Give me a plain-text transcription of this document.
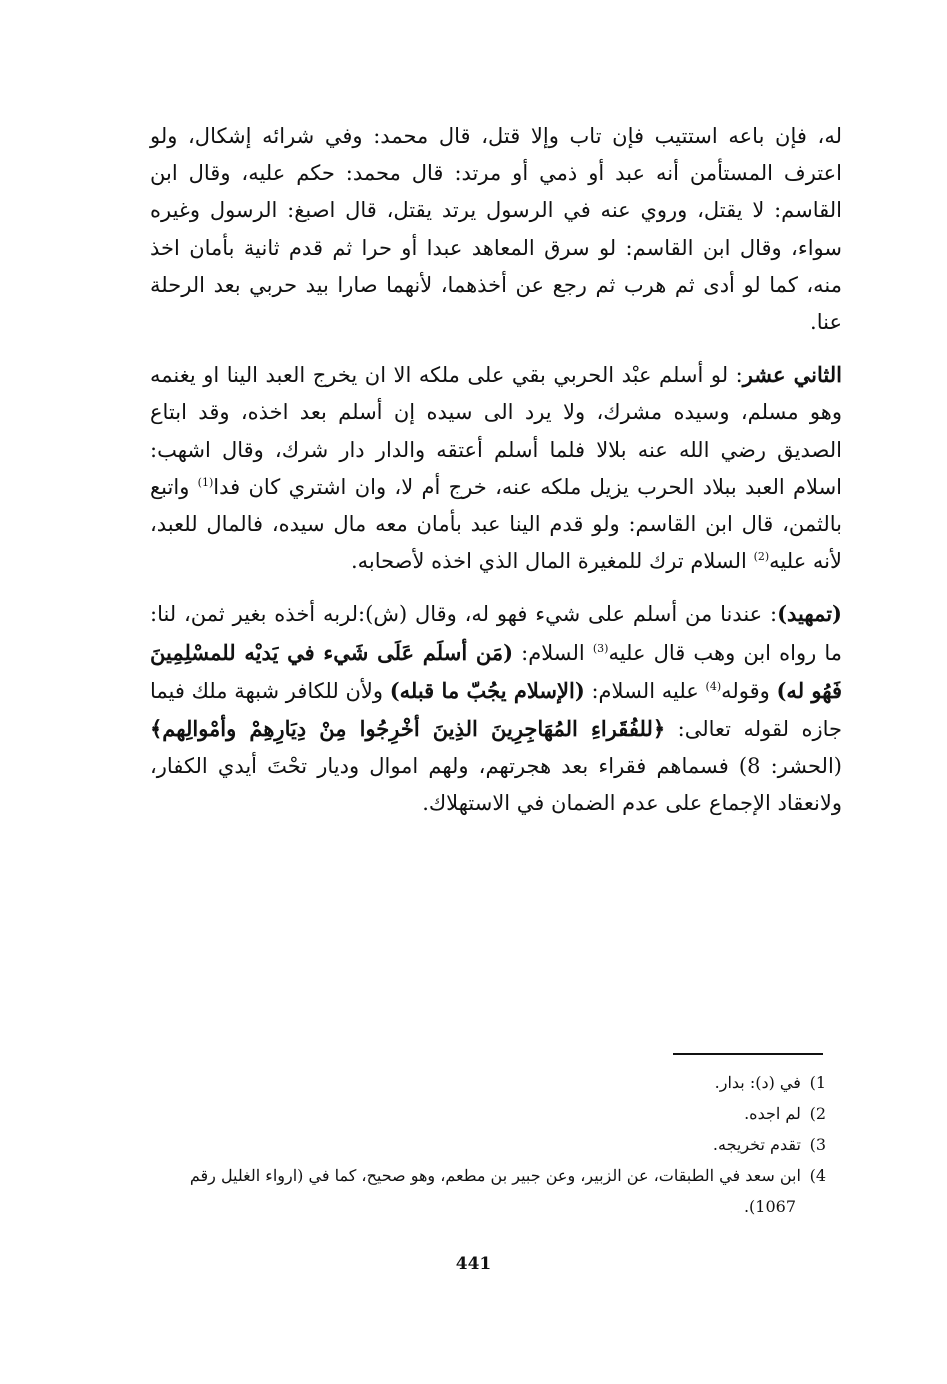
له، فإن باعه استتيب فإن تاب وإلا قتل، قال محمد: وفي شرائه إشكال، ولو اعترف المستأمن أنه عبد أو ذمي أو مرتد: قال محمد: حكم عليه، وقال ابن القاسم: لا يقتل، وروي عنه في الرسول يرتد يقتل، قال اصبغ: الرسول وغيره سواء، وقال ابن القاسم: لو سرق المعاهد عبدا أو حرا ثم قدم ثانية بأمان اخذ منه، كما لو أدى ثم هرب ثم رجع عن أخذهما، لأنهما صارا بيد حربي بعد الرحلة عنا.

الثاني عشر: لو أسلم عبْد الحربي بقي على ملكه الا ان يخرج العبد الينا او يغنمه وهو مسلم، وسيده مشرك، ولا يرد الى سيده إن أسلم بعد اخذه، وقد ابتاع الصديق رضي الله عنه بلالا فلما أسلم أعتقه والدار دار شرك، وقال اشهب: اسلام العبد ببلاد الحرب يزيل ملكه عنه، خرج أم لا، وان اشتري كان فدا$^{(1)}$ واتبع بالثمن، قال ابن القاسم: ولو قدم الينا عبد بأمان معه مال سيده، فالمال للعبد، لأنه عليه$^{(2)}$ السلام ترك للمغيرة المال الذي اخذه لأصحابه.

(تمهيد): عندنا من أسلم على شيء فهو له، وقال (ش):لربه أخذه بغير ثمن، لنا: ما رواه ابن وهب قال عليه$^{(3)}$ السلام: (مَن أسلَم عَلَى شَيء في يَديْه للمسْلِمِينَ فَهُو له) وقوله$^{(4)}$ عليه السلام: (الإسلام يجُبّ ما قبله) ولأن للكافر شبهة ملك فيما جازه لقوله تعالى: ﴿للفُقَراءِ المُهَاجِرِينَ الذِينَ أخْرِجُوا مِنْ دِيَارِهِمْ وأمْوالِهم﴾ (الحشر: 8) فسماهم فقراء بعد هجرتهم، ولهم اموال وديار تحْتَ أيدي الكفار، ولانعقاد الإجماع على عدم الضمان في الاستهلاك.

1) في (د): بدار.

2) لم اجده.

3) تقدم تخريجه.

4) ابن سعد في الطبقات، عن الزبير، وعن جبير بن مطعم، وهو صحيح، كما في (ارواء الغليل رقم

1067).

441
